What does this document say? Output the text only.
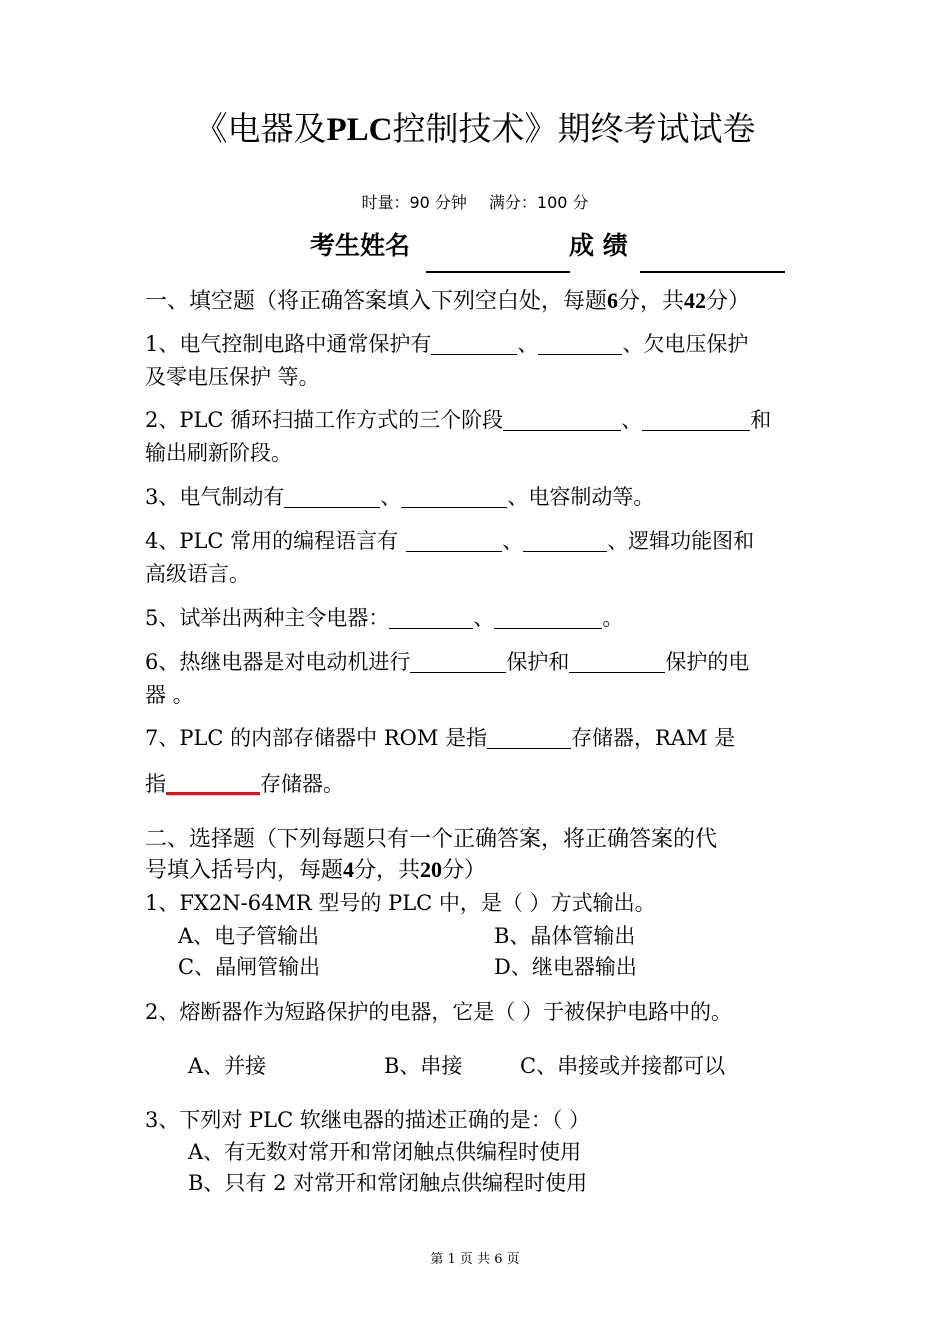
《电器及PLC控制技术》期终考试试卷
时量：90 分钟 满分：100 分
考生姓名	成 绩
一、填空题（将正确答案填入下列空白处，每题6分，共42分）
1、电气控制电路中通常保护有	、	、欠电压保护
及零电压保护 等。
2、PLC 循环扫描工作方式的三个阶段	、	和
输出刷新阶段。
3、电气制动有	、	、电容制动等。
4、PLC 常用的编程语言有	、	、逻辑功能图和
高级语言。
5、试举出两种主令电器：	、	。
6、热继电器是对电动机进行	保护和	保护的电
器 。
7、PLC 的内部存储器中 ROM 是指	存储器，RAM 是
指	存储器。
二、选择题（下列每题只有一个正确答案，将正确答案的代
号填入括号内，每题4分，共20分）
1、FX2N-64MR 型号的 PLC 中，是（ ）方式输出。
A、电子管输出	B、晶体管输出
C、晶闸管输出	D、继电器输出
2、熔断器作为短路保护的电器，它是（ ）于被保护电路中的。
A、并接	B、串接	C、串接或并接都可以
3、下列对 PLC 软继电器的描述正确的是：（ ）
A、有无数对常开和常闭触点供编程时使用
B、只有 2 对常开和常闭触点供编程时使用
第 1 页 共 6 页
